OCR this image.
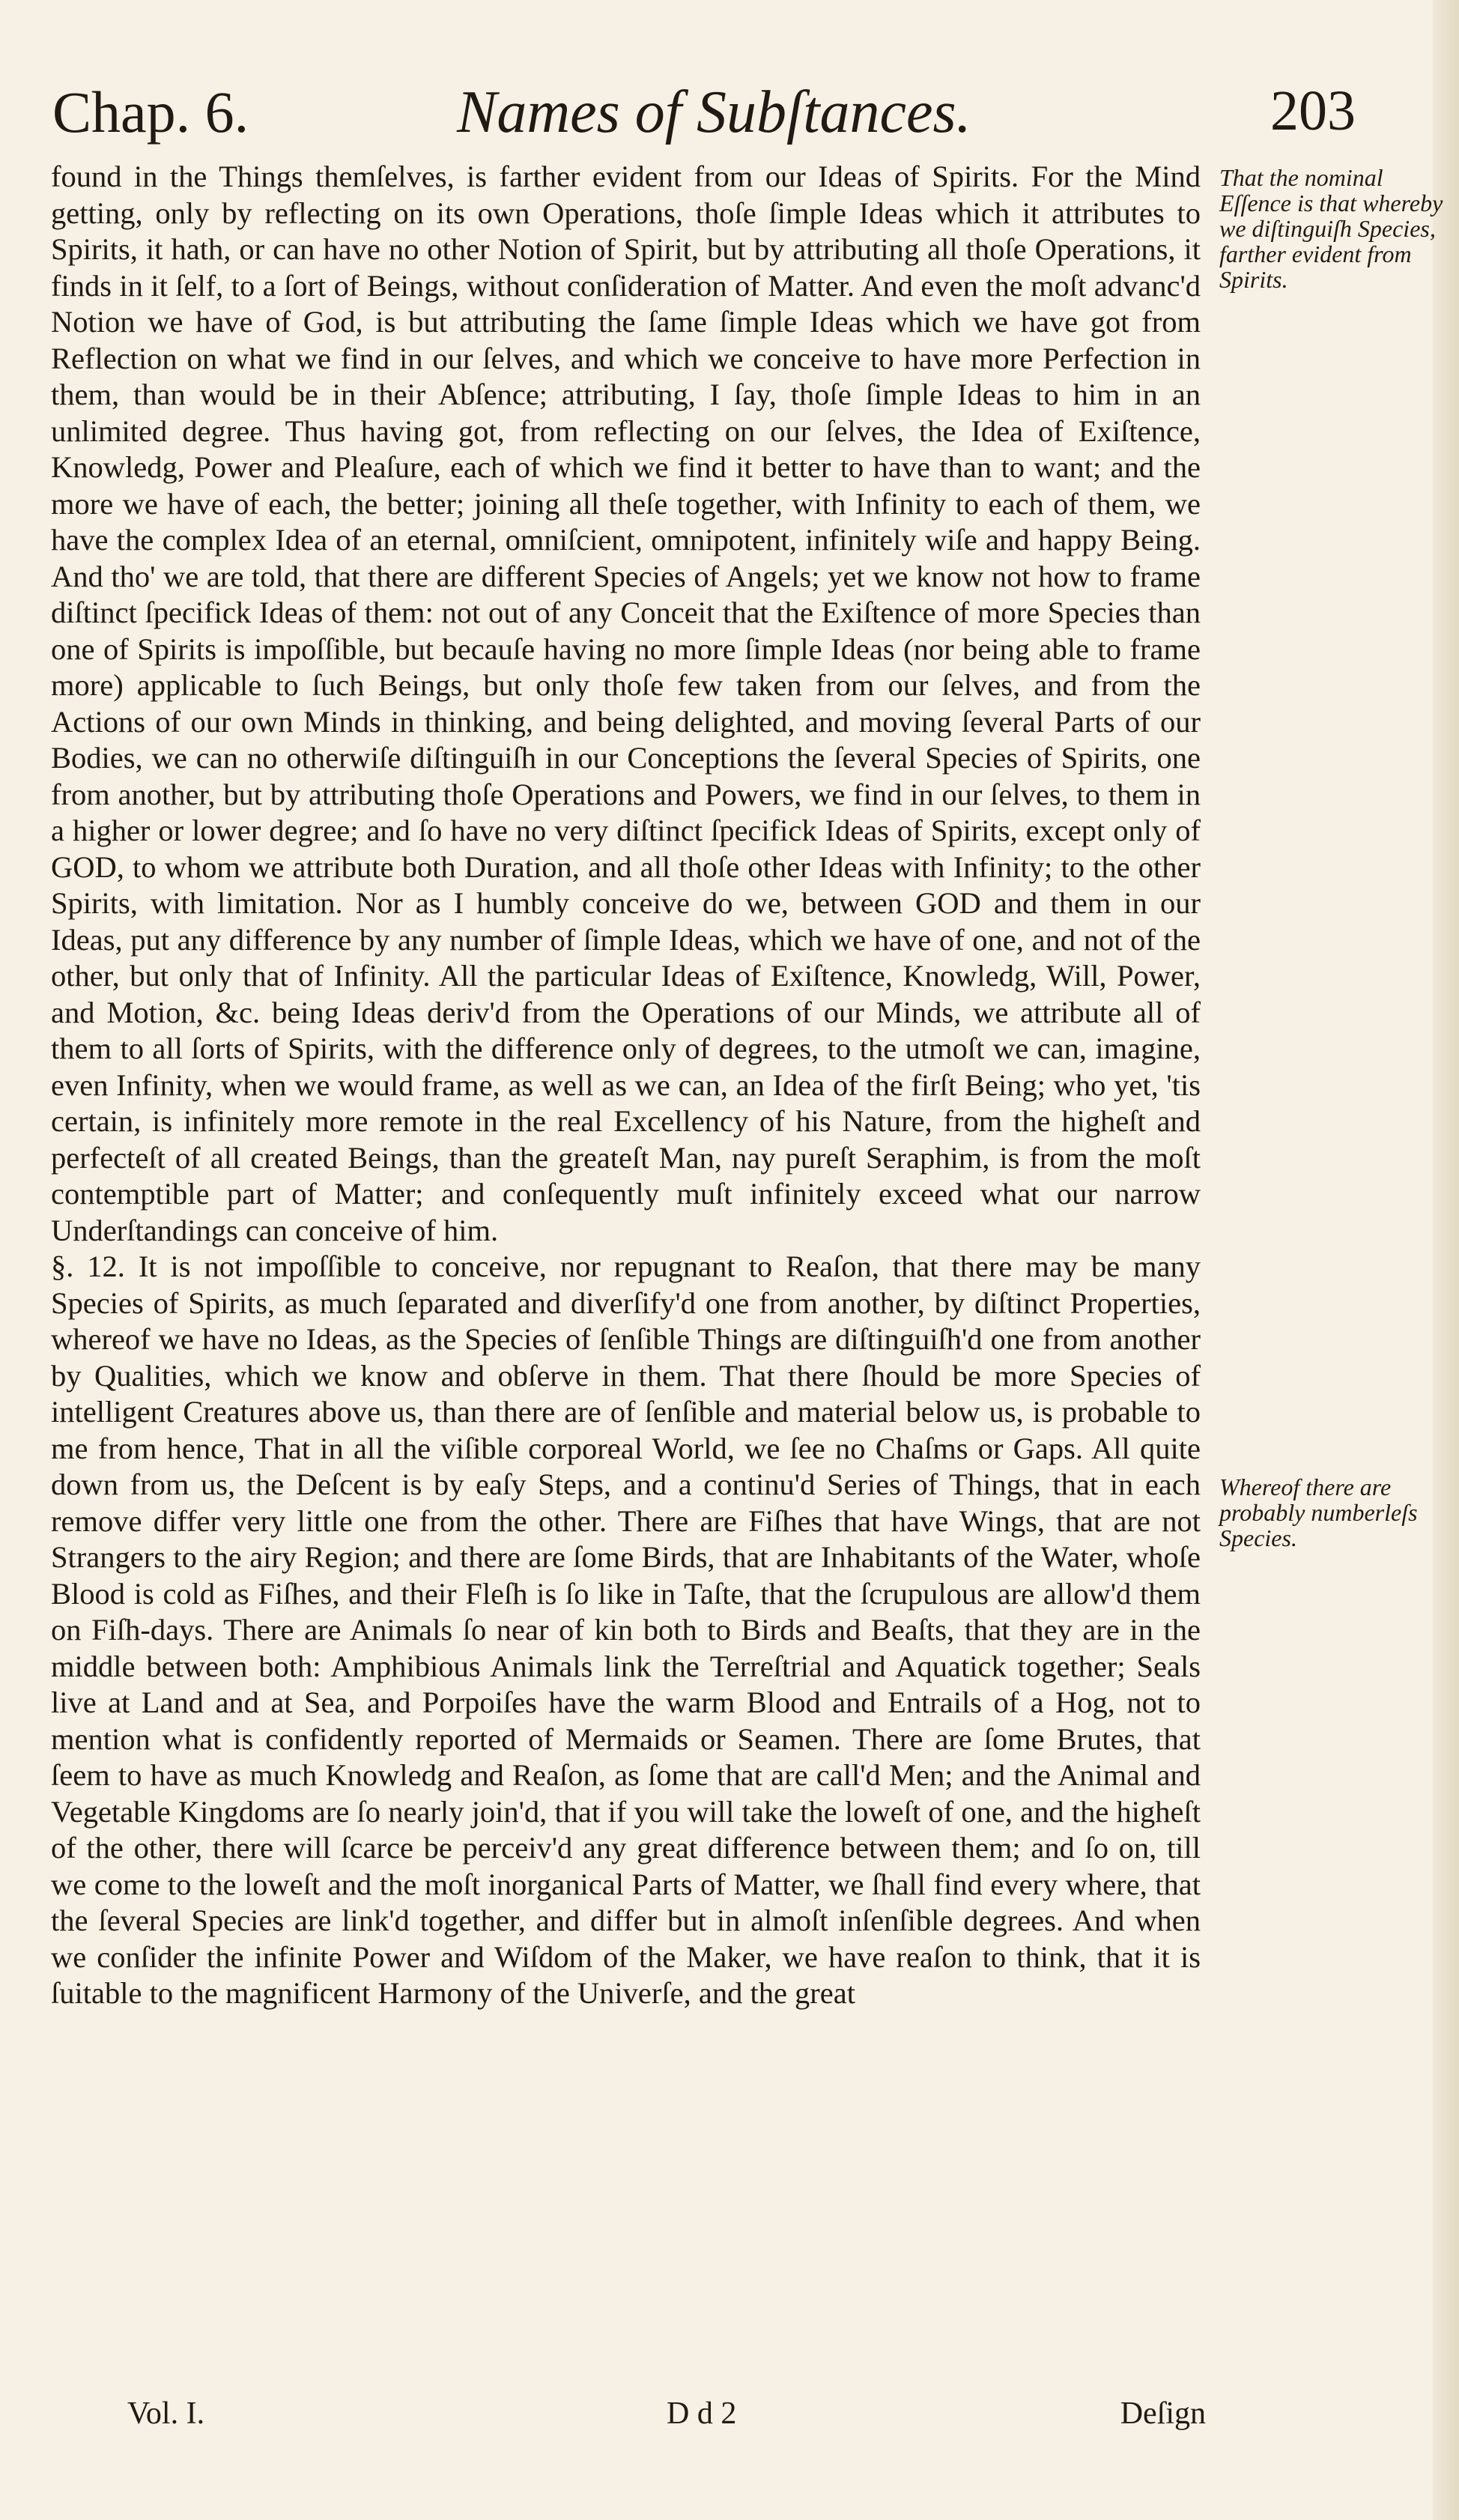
Chap. 6.	Names of Subſtances.	203

found in the Things themſelves, is farther evident from our Ideas of Spirits. For the Mind getting, only by reflecting on its own Operations, thoſe ſimple Ideas which it attributes to Spirits, it hath, or can have no other Notion of Spirit, but by attributing all thoſe Operations, it finds in it ſelf, to a ſort of Beings, without conſideration of Matter. And even the moſt advanc'd Notion we have of God, is but attributing the ſame ſimple Ideas which we have got from Reflection on what we find in our ſelves, and which we conceive to have more Perfection in them, than would be in their Abſence; attributing, I ſay, thoſe ſimple Ideas to him in an unlimited degree. Thus having got, from reflecting on our ſelves, the Idea of Exiſtence, Knowledg, Power and Pleaſure, each of which we find it better to have than to want; and the more we have of each, the better; joining all theſe together, with Infinity to each of them, we have the complex Idea of an eternal, omniſcient, omnipotent, infinitely wiſe and happy Being. And tho' we are told, that there are different Species of Angels; yet we know not how to frame diſtinct ſpecifick Ideas of them: not out of any Conceit that the Exiſtence of more Species than one of Spirits is impoſſible, but becauſe having no more ſimple Ideas (nor being able to frame more) applicable to ſuch Beings, but only thoſe few taken from our ſelves, and from the Actions of our own Minds in thinking, and being delighted, and moving ſeveral Parts of our Bodies, we can no otherwiſe diſtinguiſh in our Conceptions the ſeveral Species of Spirits, one from another, but by attributing thoſe Operations and Powers, we find in our ſelves, to them in a higher or lower degree; and ſo have no very diſtinct ſpecifick Ideas of Spirits, except only of GOD, to whom we attribute both Duration, and all thoſe other Ideas with Infinity; to the other Spirits, with limitation. Nor as I humbly conceive do we, between GOD and them in our Ideas, put any difference by any number of ſimple Ideas, which we have of one, and not of the other, but only that of Infinity. All the particular Ideas of Exiſtence, Knowledg, Will, Power, and Motion, &c. being Ideas deriv'd from the Operations of our Minds, we attribute all of them to all ſorts of Spirits, with the difference only of degrees, to the utmoſt we can, imagine, even Infinity, when we would frame, as well as we can, an Idea of the firſt Being; who yet, 'tis certain, is infinitely more remote in the real Excellency of his Nature, from the higheſt and perfecteſt of all created Beings, than the greateſt Man, nay pureſt Seraphim, is from the moſt contemptible part of Matter; and conſequently muſt infinitely exceed what our narrow Underſtandings can conceive of him.

§. 12. It is not impoſſible to conceive, nor repugnant to Reaſon, that there may be many Species of Spirits, as much ſeparated and diverſify'd one from another, by diſtinct Properties, whereof we have no Ideas, as the Species of ſenſible Things are diſtinguiſh'd one from another by Qualities, which we know and obſerve in them. That there ſhould be more Species of intelligent Creatures above us, than there are of ſenſible and material below us, is probable to me from hence, That in all the viſible corporeal World, we ſee no Chaſms or Gaps. All quite down from us, the Deſcent is by eaſy Steps, and a continu'd Series of Things, that in each remove differ very little one from the other. There are Fiſhes that have Wings, that are not Strangers to the airy Region; and there are ſome Birds, that are Inhabitants of the Water, whoſe Blood is cold as Fiſhes, and their Fleſh is ſo like in Taſte, that the ſcrupulous are allow'd them on Fiſh-days. There are Animals ſo near of kin both to Birds and Beaſts, that they are in the middle between both: Amphibious Animals link the Terreſtrial and Aquatick together; Seals live at Land and at Sea, and Porpoiſes have the warm Blood and Entrails of a Hog, not to mention what is confidently reported of Mermaids or Seamen. There are ſome Brutes, that ſeem to have as much Knowledg and Reaſon, as ſome that are call'd Men; and the Animal and Vegetable Kingdoms are ſo nearly join'd, that if you will take the loweſt of one, and the higheſt of the other, there will ſcarce be perceiv'd any great difference between them; and ſo on, till we come to the loweſt and the moſt inorganical Parts of Matter, we ſhall find every where, that the ſeveral Species are link'd together, and differ but in almoſt inſenſible degrees. And when we conſider the infinite Power and Wiſdom of the Maker, we have reaſon to think, that it is ſuitable to the magnificent Harmony of the Univerſe, and the great

That the nominal Eſſence is that whereby we diſtinguiſh Species, farther evident from Spirits.
Whereof there are probably numberleſs Species.
Vol. I.	D d 2	Deſign
